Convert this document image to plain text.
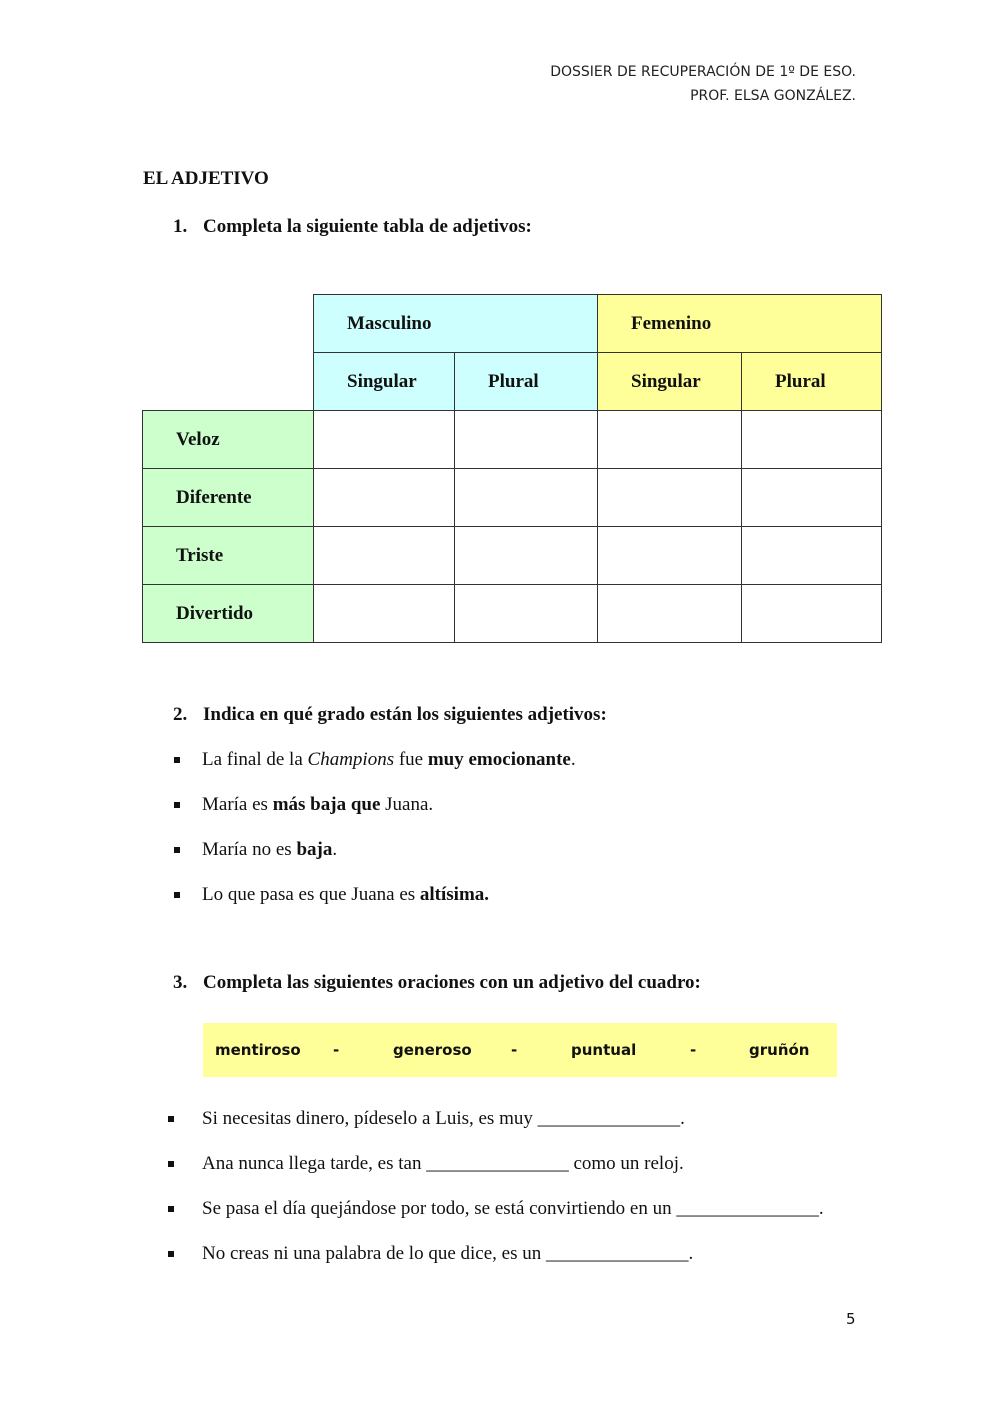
DOSSIER DE RECUPERACIÓN DE 1º DE ESO.
PROF. ELSA GONZÁLEZ.
EL ADJETIVO
1. Completa la siguiente tabla de adjetivos:
	Masculino		Femenino	
	Singular	Plural	Singular	Plural
Veloz				
Diferente				
Triste				
Divertido				
2. Indica en qué grado están los siguientes adjetivos:
La final de la Champions fue muy emocionante.
María es más baja que Juana.
María no es baja.
Lo que pasa es que Juana es altísima.
3. Completa las siguientes oraciones con un adjetivo del cuadro:
mentiroso -	generoso	-	puntual	-	gruñón
Si necesitas dinero, pídeselo a Luis, es muy _______________.
Ana nunca llega tarde, es tan _______________ como un reloj.
Se pasa el día quejándose por todo, se está convirtiendo en un _______________.
No creas ni una palabra de lo que dice, es un _______________.
5
